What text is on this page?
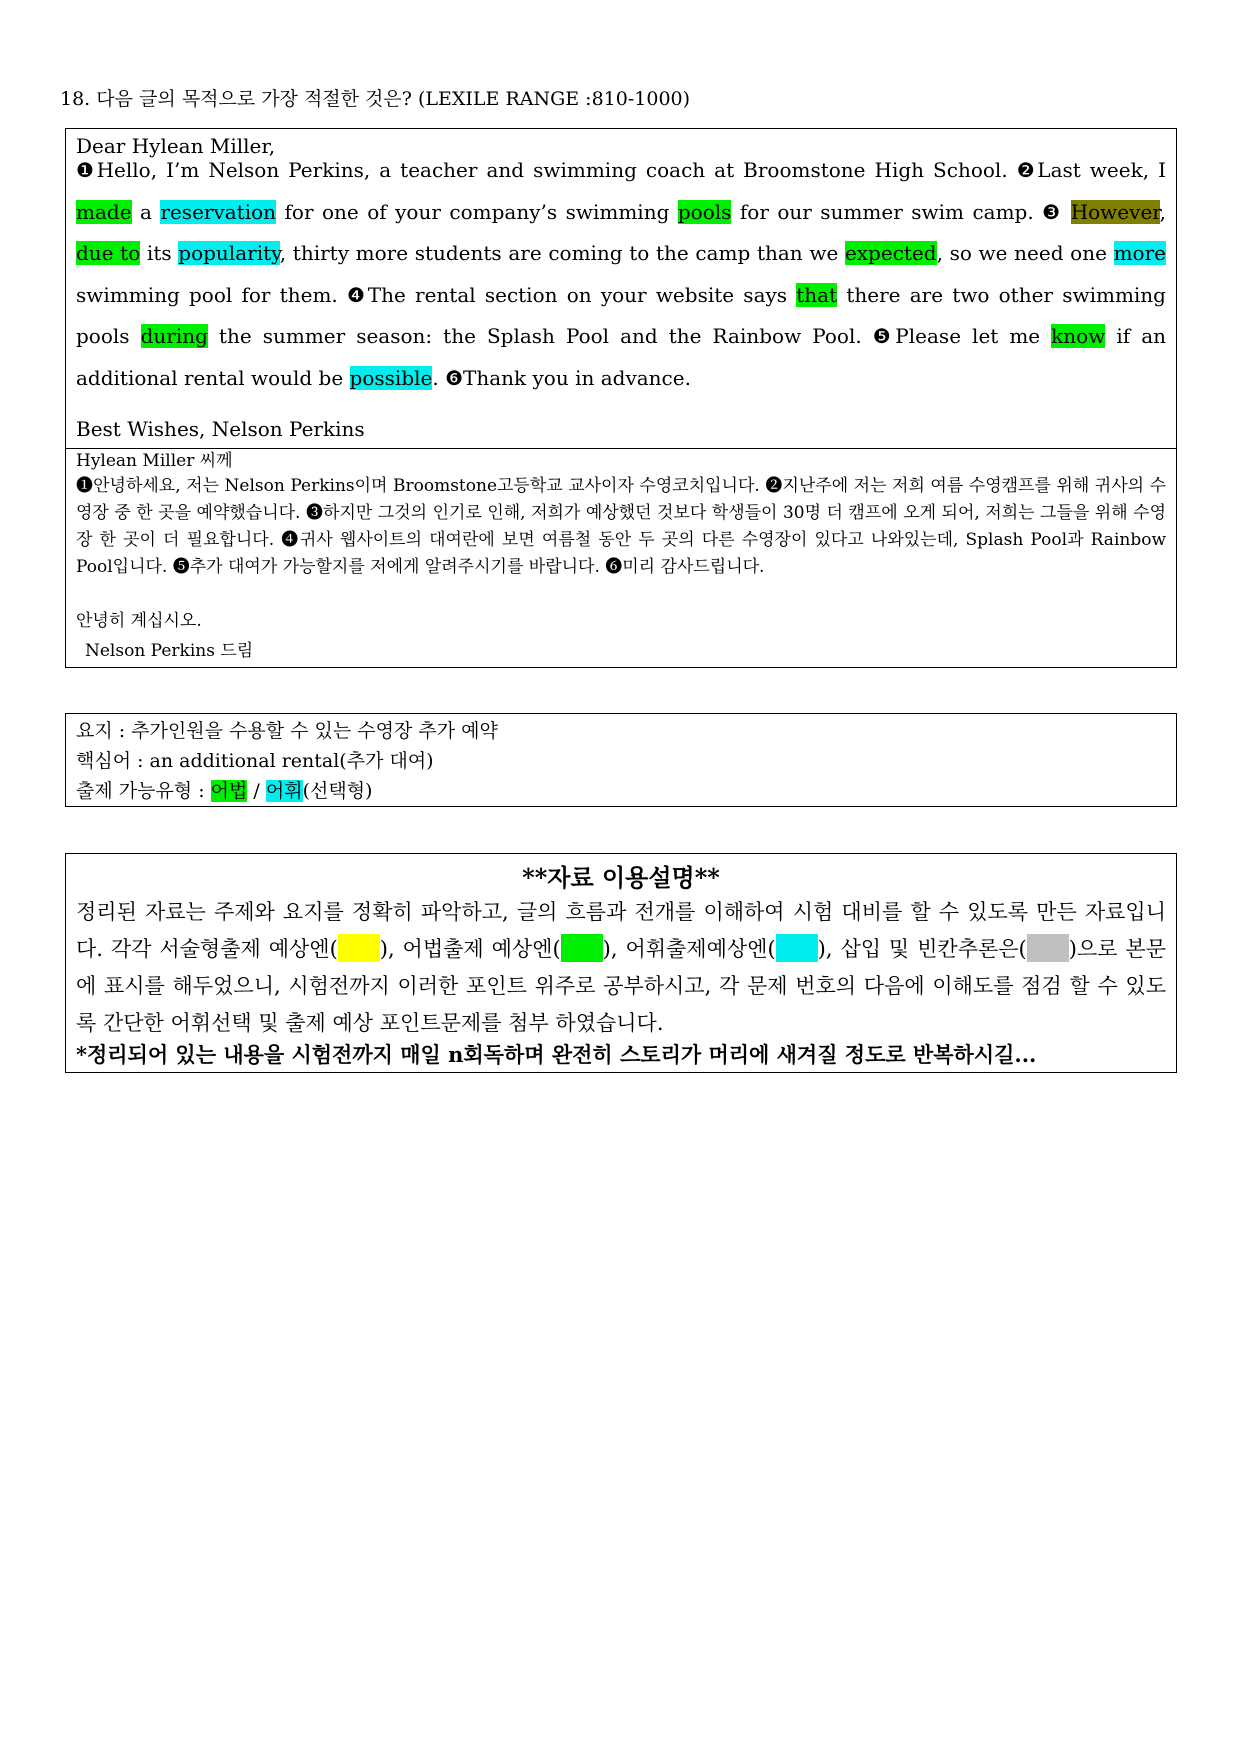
18. 다음 글의 목적으로 가장 적절한 것은? (LEXILE RANGE :810-1000)
Dear Hylean Miller,
❶Hello, I’m Nelson Perkins, a teacher and swimming coach at Broomstone High School. ❷Last week, I made a reservation for one of your company’s swimming pools for our summer swim camp. ❸ However, due to its popularity, thirty more students are coming to the camp than we expected, so we need one more swimming pool for them. ❹The rental section on your website says that there are two other swimming pools during the summer season: the Splash Pool and the Rainbow Pool. ❺Please let me know if an additional rental would be possible. ❻Thank you in advance.
Best Wishes, Nelson Perkins
Hylean Miller 씨께
❶안녕하세요, 저는 Nelson Perkins이며 Broomstone고등학교 교사이자 수영코치입니다. ❷지난주에 저는 저희 여름 수영캠프를 위해 귀사의 수영장 중 한 곳을 예약했습니다. ❸하지만 그것의 인기로 인해, 저희가 예상했던 것보다 학생들이 30명 더 캠프에 오게 되어, 저희는 그들을 위해 수영장 한 곳이 더 필요합니다. ❹귀사 웹사이트의 대여란에 보면 여름철 동안 두 곳의 다른 수영장이 있다고 나와있는데, Splash Pool과 Rainbow Pool입니다. ❺추가 대여가 가능할지를 저에게 알려주시기를 바랍니다. ❻미리 감사드립니다.
안녕히 계십시오.
Nelson Perkins 드림
요지 : 추가인원을 수용할 수 있는 수영장 추가 예약
핵심어 : an additional rental(추가 대여)
출제 가능유형 : 어법 / 어휘(선택형)
**자료 이용설명**
정리된 자료는 주제와 요지를 정확히 파악하고, 글의 흐름과 전개를 이해하여 시험 대비를 할 수 있도록 만든 자료입니다. 각각 서술형출제 예상엔( ), 어법출제 예상엔( ), 어휘출제예상엔( ), 삽입 및 빈칸추론은( )으로 본문에 표시를 해두었으니, 시험전까지 이러한 포인트 위주로 공부하시고, 각 문제 번호의 다음에 이해도를 점검 할 수 있도록 간단한 어휘선택 및 출제 예상 포인트문제를 첨부 하였습니다.
*정리되어 있는 내용을 시험전까지 매일 n회독하며 완전히 스토리가 머리에 새겨질 정도로 반복하시길...
